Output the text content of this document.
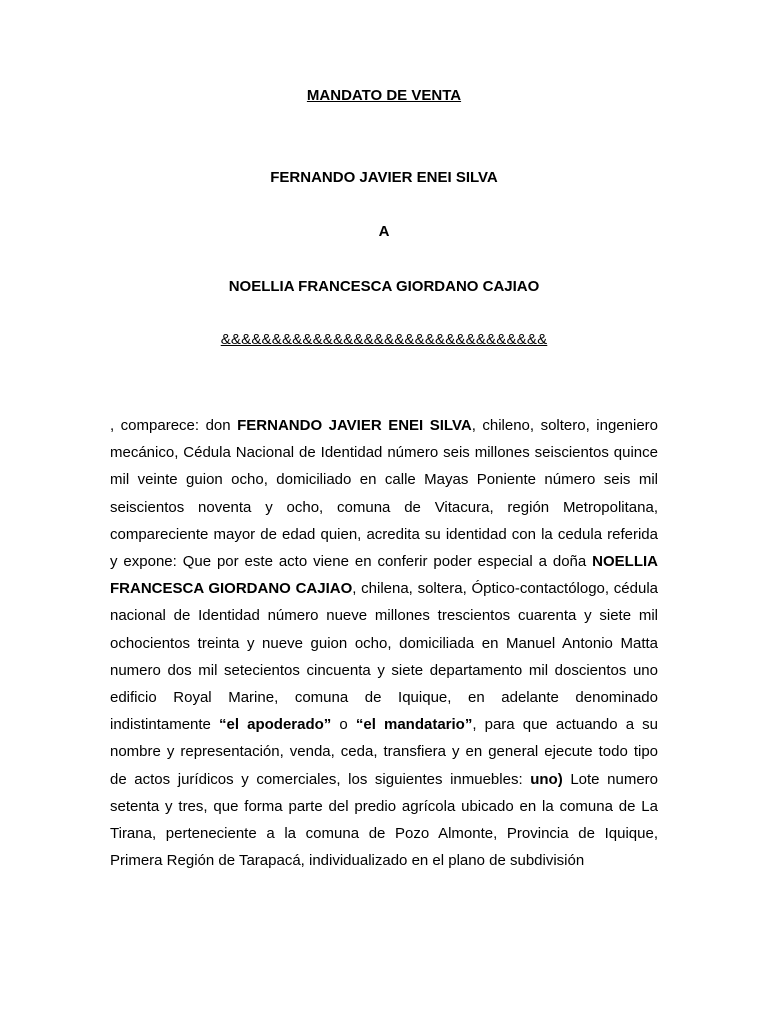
MANDATO DE VENTA
FERNANDO JAVIER ENEI SILVA
A
NOELLIA FRANCESCA GIORDANO CAJIAO
&&&&&&&&&&&&&&&&&&&&&&&&&&&&&&&&

, comparece: don FERNANDO JAVIER ENEI SILVA, chileno, soltero, ingeniero mecánico, Cédula Nacional de Identidad número seis millones seiscientos quince mil veinte guion ocho, domiciliado en calle Mayas Poniente número seis mil seiscientos noventa y ocho, comuna de Vitacura, región Metropolitana, compareciente mayor de edad quien, acredita su identidad con la cedula referida y expone: Que por este acto viene en conferir poder especial a doña NOELLIA FRANCESCA GIORDANO CAJIAO, chilena, soltera, Óptico-contactólogo, cédula nacional de Identidad número nueve millones trescientos cuarenta y siete mil ochocientos treinta y nueve guion ocho, domiciliada en Manuel Antonio Matta numero dos mil setecientos cincuenta y siete departamento mil doscientos uno edificio Royal Marine, comuna de Iquique, en adelante denominado indistintamente “el apoderado” o “el mandatario”, para que actuando a su nombre y representación, venda, ceda, transfiera y en general ejecute todo tipo de actos jurídicos y comerciales, los siguientes inmuebles: uno) Lote numero setenta y tres, que forma parte del predio agrícola ubicado en la comuna de La Tirana, perteneciente a la comuna de Pozo Almonte, Provincia de Iquique, Primera Región de Tarapacá, individualizado en el plano de subdivisión
